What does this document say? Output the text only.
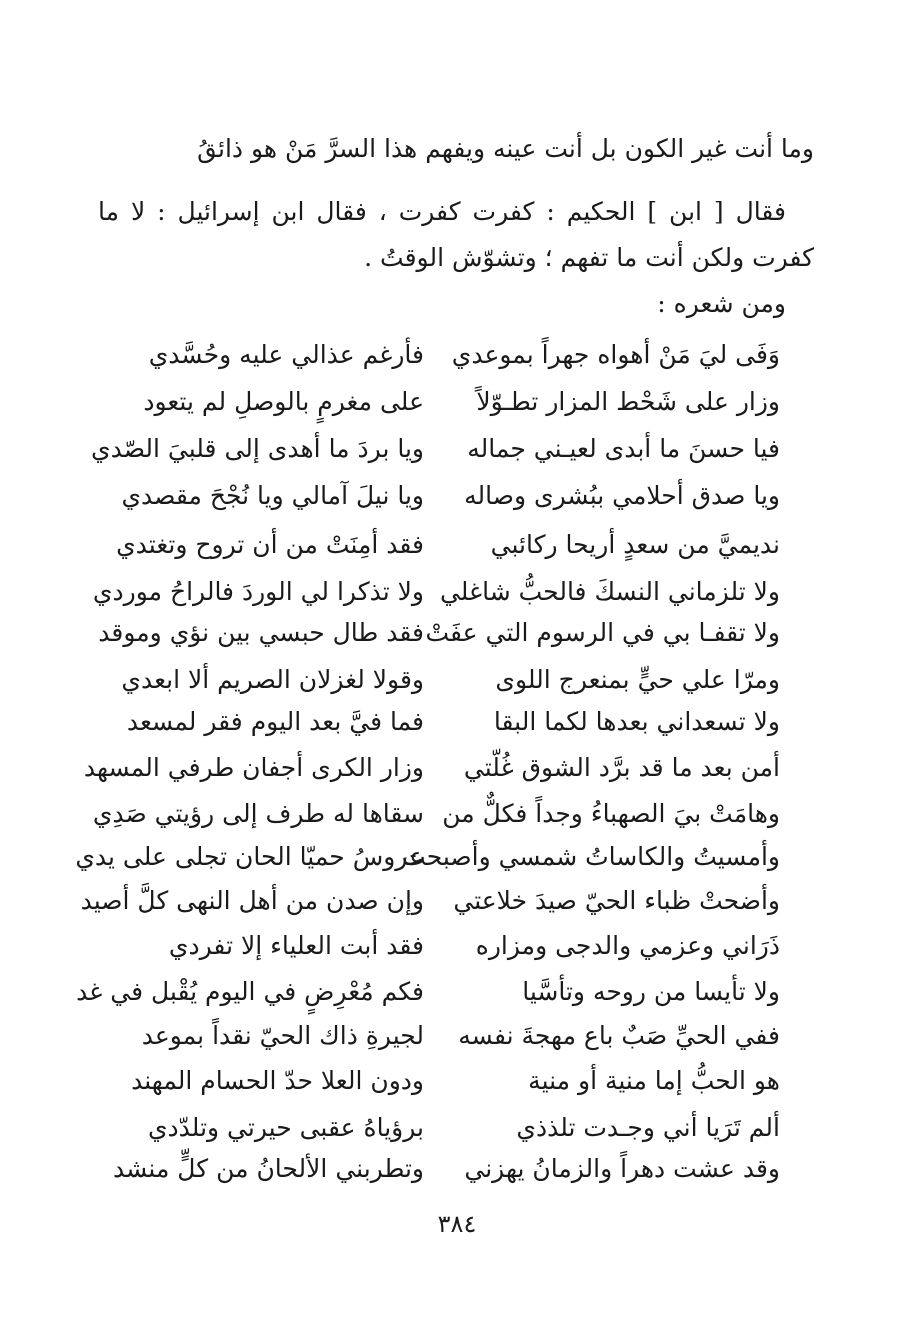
وما أنت غير الكون بل أنت عينه ويفهم هذا السرَّ مَنْ هو ذائقُ
فقال [ ابن ] الحكيم : كفرت كفرت ، فقال ابن إسرائيل : لا ما
كفرت ولكن أنت ما تفهم ؛ وتشوّش الوقتُ .
ومن شعره :
وَفَى ليَ مَنْ أهواه جهراً بموعدي
فأرغم عذالي عليه وحُسَّدي
وزار على شَحْط المزار تطـوّلاً
على مغرمٍ بالوصلِ لم يتعود
فيا حسنَ ما أبدى لعيـني جماله
ويا بردَ ما أهدى إلى قلبيَ الصّدي
ويا صدق أحلامي ببُشرى وصاله
ويا نيلَ آمالي ويا نُجْحَ مقصدي
نديميَّ من سعدٍ أريحا ركائبي
فقد أمِنَتْ من أن تروح وتغتدي
ولا تلزماني النسكَ فالحبُّ شاغلي
ولا تذكرا لي الوردَ فالراحُ موردي
ولا تقفـا بي في الرسوم التي عفَتْ
فقد طال حبسي بين نؤي وموقد
ومرّا علي حيٍّ بمنعرج اللوى
وقولا لغزلان الصريم ألا ابعدي
ولا تسعداني بعدها لكما البقا
فما فيَّ بعد اليوم فقر لمسعد
أمن بعد ما قد برَّد الشوق غُلّتي
وزار الكرى أجفان طرفي المسهد
وهامَتْ بيَ الصهباءُ وجداً فكلٌّ من
سقاها له طرف إلى رؤيتي صَدِي
وأمسيتُ والكاساتُ شمسي وأصبحت
عروسُ حميّا الحان تجلى على يدي
وأضحتْ ظباء الحيّ صيدَ خلاعتي
وإن صدن من أهل النهى كلَّ أصيد
ذَرَاني وعزمي والدجى ومزاره
فقد أبت العلياء إلا تفردي
ولا تأيسا من روحه وتأسَّيا
فكم مُعْرِضٍ في اليوم يُقْبل في غد
ففي الحيِّ صَبٌ باع مهجةَ نفسه
لجيرةِ ذاك الحيّ نقداً بموعد
هو الحبُّ إما منية أو منية
ودون العلا حدّ الحسام المهند
ألم تَرَيا أني وجـدت تلذذي
برؤياهُ عقبى حيرتي وتلدّدي
وقد عشت دهراً والزمانُ يهزني
وتطربني الألحانُ من كلٍّ منشد
٣٨٤
